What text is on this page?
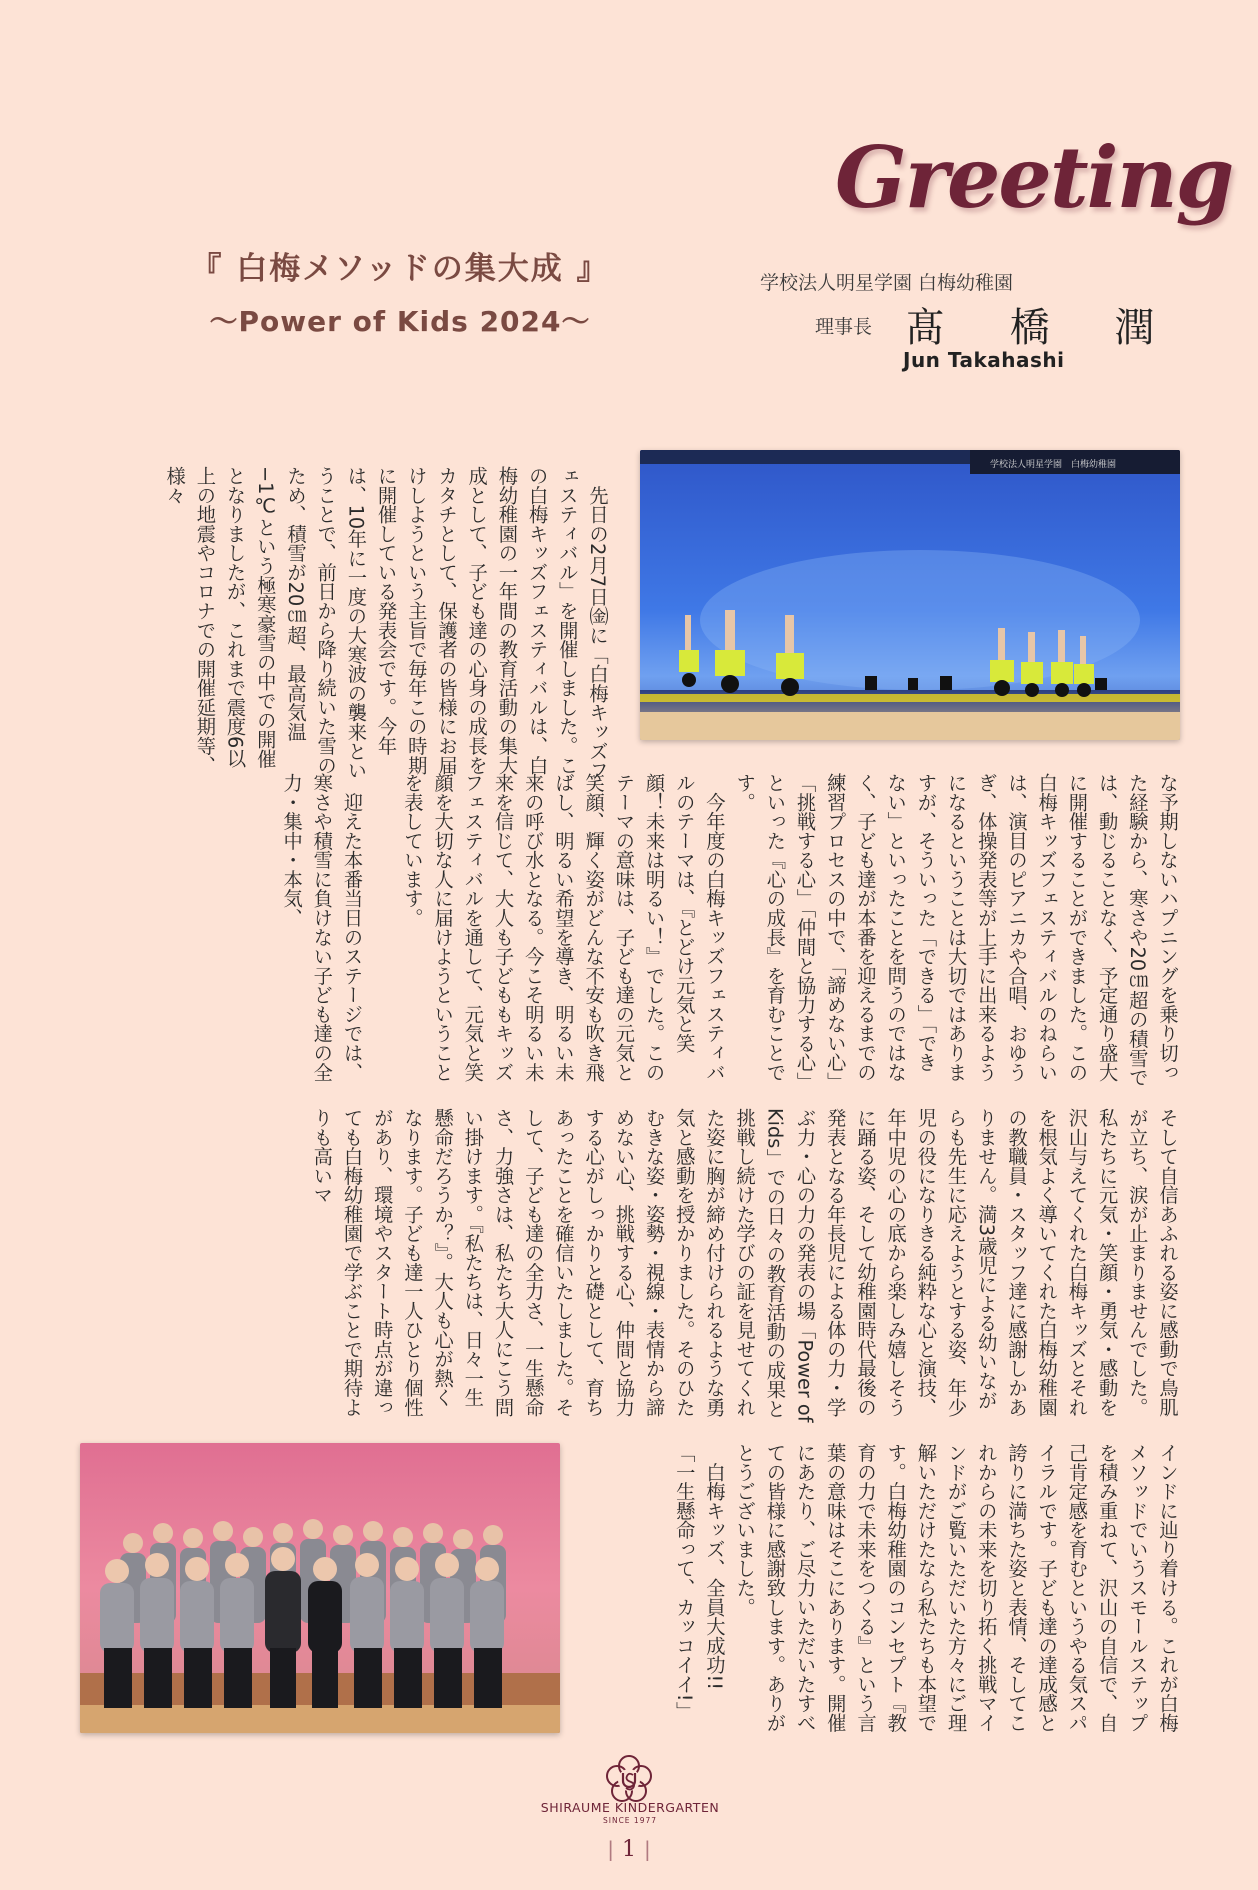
Greeting
『 白梅メソッドの集大成 』
〜Power of Kids 2024〜
学校法人明星学園 白梅幼稚園
理事長 髙 橋 潤
Jun Takahashi
学校法人明星学園　白梅幼稚園
　先日の2月7日㈮に「白梅キッズフェスティバル」を開催しました。この白梅キッズフェスティバルは、白梅幼稚園の一年間の教育活動の集大成として、子ども達の心身の成長をカタチとして、保護者の皆様にお届けしようという主旨で毎年この時期に開催している発表会です。今年は、10年に一度の大寒波の襲来ということで、前日から降り続いた雪のため、積雪が20㎝超、最高気温−1℃という極寒豪雪の中での開催となりましたが、これまで震度6以上の地震やコロナでの開催延期等、様々
な予期しないハプニングを乗り切った経験から、寒さや20㎝超の積雪では、動じることなく、予定通り盛大に開催することができました。この白梅キッズフェスティバルのねらいは、演目のピアニカや合唱、おゆうぎ、体操発表等が上手に出来るようになるということは大切ではありますが、そういった「できる」「できない」といったことを問うのではなく、子ども達が本番を迎えるまでの練習プロセスの中で、「諦めない心」「挑戦する心」「仲間と協力する心」といった『心の成長』を育むことです。
　今年度の白梅キッズフェスティバルのテーマは、『とどけ元気と笑顔！未来は明るい！』でした。このテーマの意味は、子ども達の元気と笑顔、輝く姿がどんな不安も吹き飛ばし、明るい希望を導き、明るい未来の呼び水となる。今こそ明るい未来を信じて、大人も子どももキッズフェスティバルを通して、元気と笑顔を大切な人に届けようということを表しています。

　迎えた本番当日のステージでは、寒さや積雪に負けない子ども達の全力・集中・本気、
そして自信あふれる姿に感動で鳥肌が立ち、涙が止まりませんでした。私たちに元気・笑顔・勇気・感動を沢山与えてくれた白梅キッズとそれを根気よく導いてくれた白梅幼稚園の教職員・スタッフ達に感謝しかありません。満3歳児による幼いながらも先生に応えようとする姿、年少児の役になりきる純粋な心と演技、年中児の心の底から楽しみ嬉しそうに踊る姿、そして幼稚園時代最後の発表となる年長児による体の力・学ぶ力・心の力の発表の場「Power of Kids」での日々の教育活動の成果と挑戦し続けた学びの証を見せてくれた姿に胸が締め付けられるような勇気と感動を授かりました。そのひたむきな姿・姿勢・視線・表情から諦めない心、挑戦する心、仲間と協力する心がしっかりと礎として、育ちあったことを確信いたしました。そして、子ども達の全力さ、一生懸命さ、力強さは、私たち大人にこう問い掛けます。『私たちは、日々一生懸命だろうか？』。大人も心が熱くなります。子ども達一人ひとり個性があり、環境やスタート時点が違っても白梅幼稚園で学ぶことで期待よりも高いマ
インドに辿り着ける。これが白梅メソッドでいうスモールステップを積み重ねて、沢山の自信で、自己肯定感を育むというやる気スパイラルです。子ども達の達成感と誇りに満ちた姿と表情、そしてこれからの未来を切り拓く挑戦マインドがご覧いただいた方々にご理解いただけたなら私たちも本望です。白梅幼稚園のコンセプト『教育の力で未来をつくる』という言葉の意味はそこにあります。開催にあたり、ご尽力いただいたすべての皆様に感謝致します。ありがとうございました。
　白梅キッズ、全員大成功!!
「一生懸命って、カッコイイ!」
SHIRAUME KINDERGARTEN
SINCE 1977
| 1 |
